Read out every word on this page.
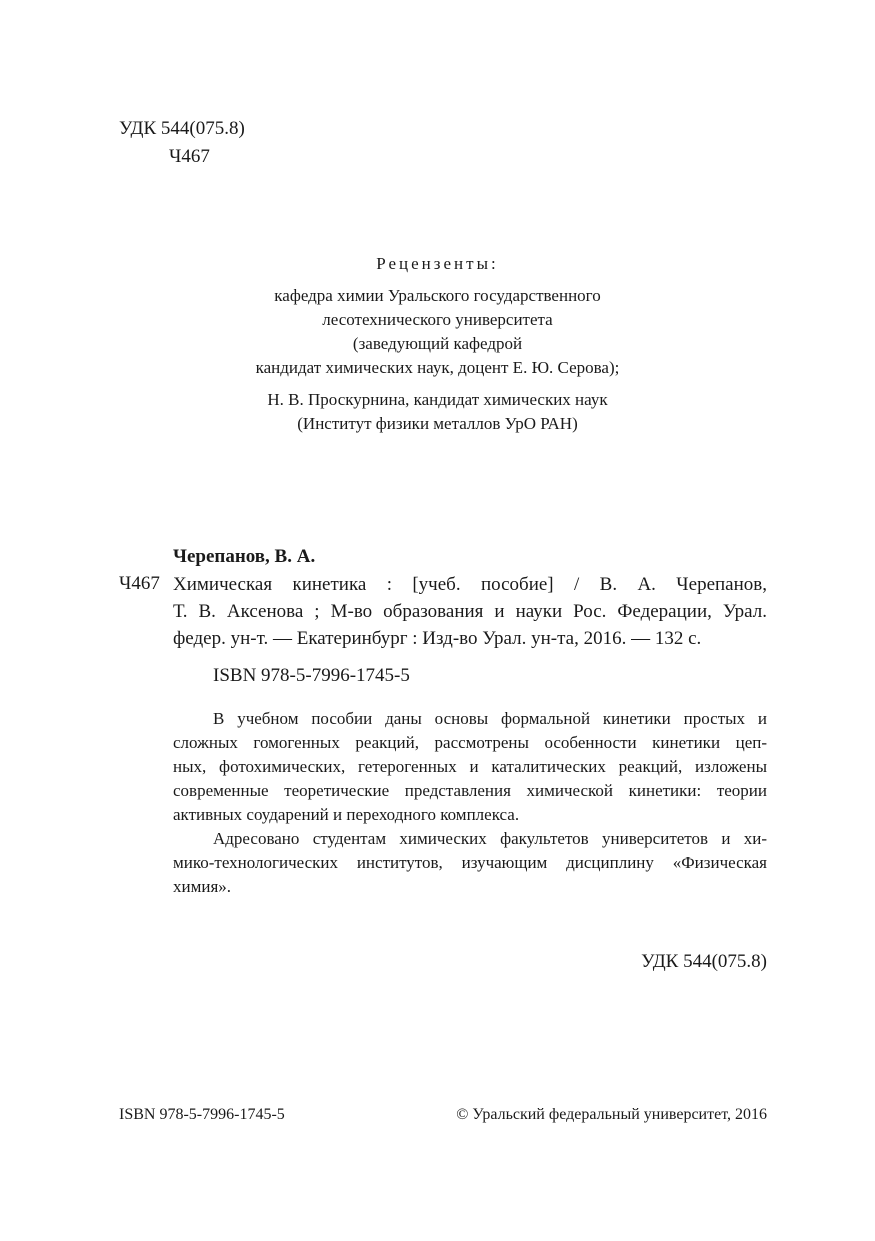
УДК 544(075.8)
Ч467
Рецензенты:
кафедра химии Уральского государственного
лесотехнического университета
(заведующий кафедрой
кандидат химических наук, доцент Е. Ю. Серова);
Н. В. Проскурнина, кандидат химических наук
(Институт физики металлов УрО РАН)
Черепанов, В. А.
Ч467 Химическая кинетика : [учеб. пособие] / В. А. Черепанов,
Т. В. Аксенова ; М-во образования и науки Рос. Федерации, Урал.
федер. ун-т. — Екатеринбург : Изд-во Урал. ун-та, 2016. — 132 с.
ISBN 978-5-7996-1745-5
В учебном пособии даны основы формальной кинетики простых и
сложных гомогенных реакций, рассмотрены особенности кинетики цеп-
ных, фотохимических, гетерогенных и каталитических реакций, изложены
современные теоретические представления химической кинетики: теории
активных соударений и переходного комплекса.
Адресовано студентам химических факультетов университетов и хи-
мико-технологических институтов, изучающим дисциплину «Физическая
химия».
УДК 544(075.8)
ISBN 978-5-7996-1745-5	© Уральский федеральный университет, 2016
